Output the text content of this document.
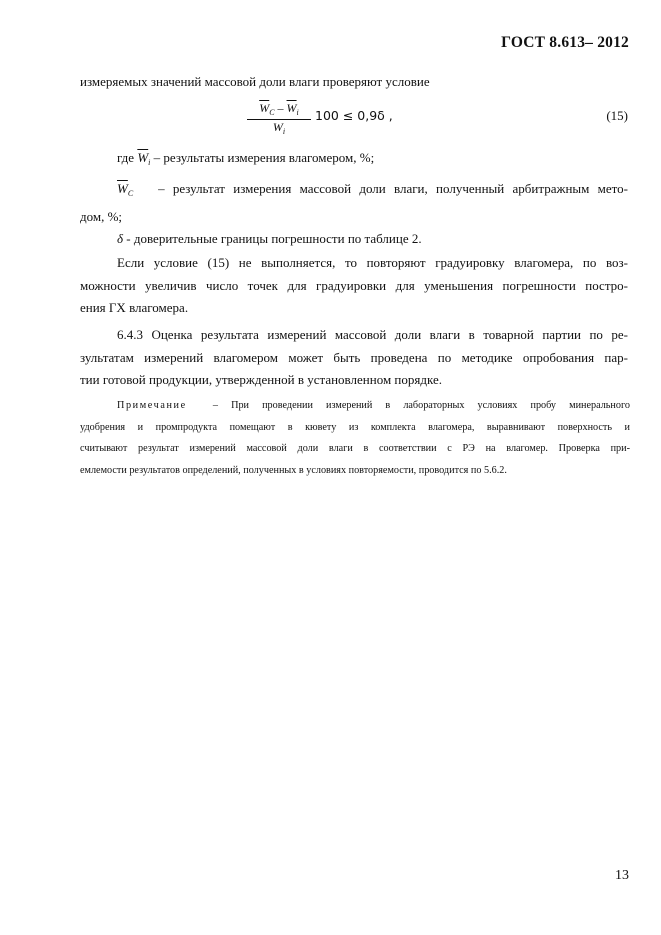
ГОСТ 8.613– 2012
измеряемых значений массовой доли влаги проверяют условие
$\overline{W}_C - \overline{W}_i$
$\overline{W}_i$
100 ≤ 0,9δ ,	(15)
где $\overline{W}_i$ – результаты измерения влагомером, %;
$\overline{W}_C$ – результат измерения массовой доли влаги, полученный арбитражным мето-
дом, %;
δ - доверительные границы погрешности по таблице 2.
Если условие (15) не выполняется, то повторяют градуировку влагомера, по воз-
можности увеличив число точек для градуировки для уменьшения погрешности постро-
ения ГХ влагомера.
6.4.3 Оценка результата измерений массовой доли влаги в товарной партии по ре-
зультатам измерений влагомером может быть проведена по методике опробования пар-
тии готовой продукции, утвержденной в установленном порядке.
Примечание	– При проведении измерений в лабораторных условиях пробу минерального
удобрения и промпродукта помещают в кювету из комплекта влагомера, выравнивают поверхность и
считывают результат измерений массовой доли влаги в соответствии с РЭ на влагомер. Проверка при-
емлемости результатов определений, полученных в условиях повторяемости, проводится по 5.6.2.
13
